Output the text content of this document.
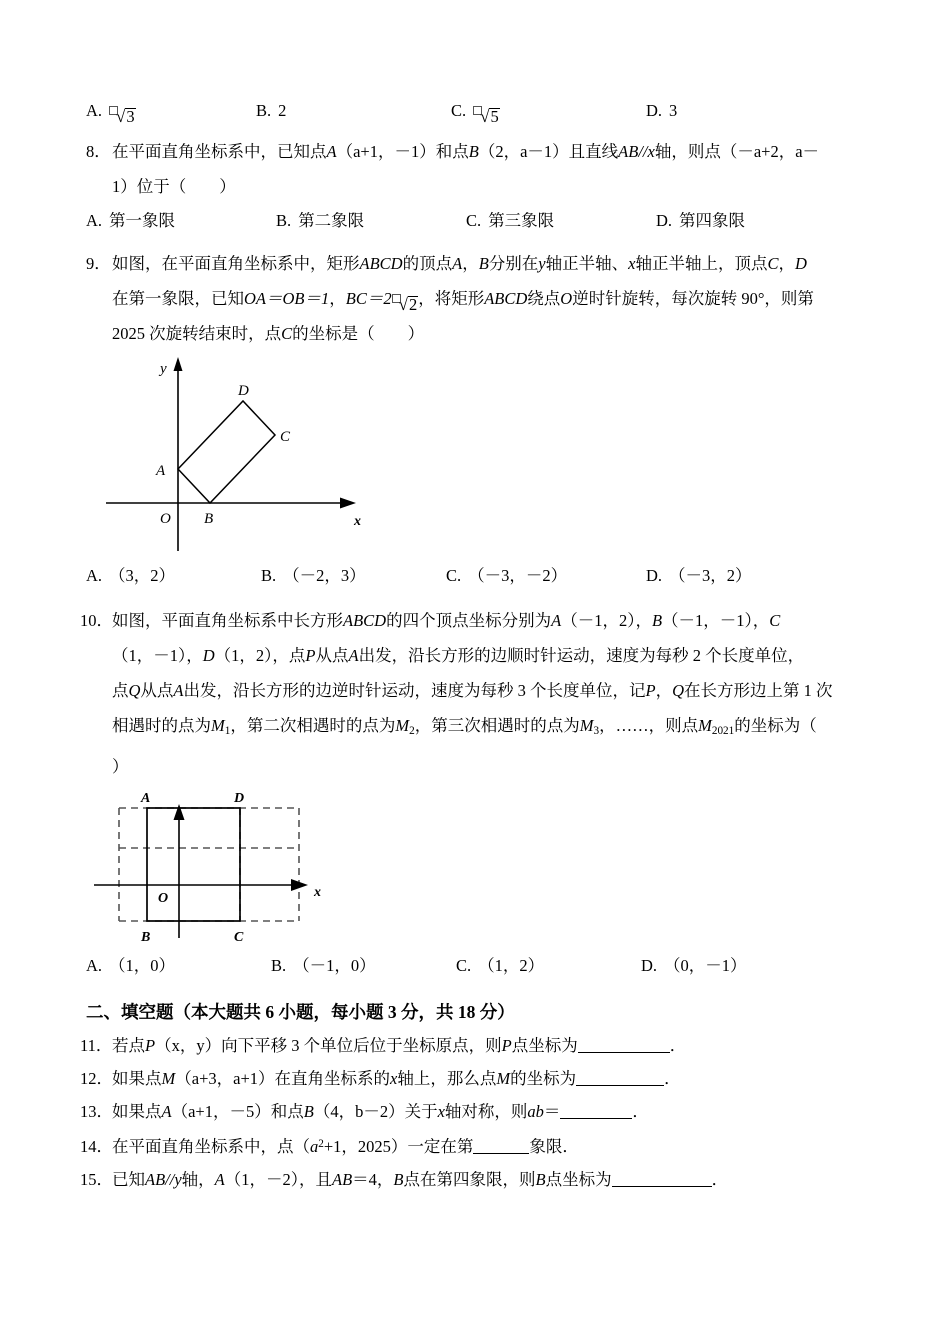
A. √ 3	B. 2	C. √ 5	D. 3
8．在平面直角坐标系中，已知点A（a+1，－1）和点B（2，a－1）且直线AB//x轴，则点（－a+2，a－
1）位于（　　）
A. 第一象限	B. 第二象限	C. 第三象限	D. 第四象限
9．如图，在平面直角坐标系中，矩形ABCD的顶点A，B分别在y轴正半轴、x轴正半轴上，顶点C，D
在第一象限，已知OA＝OB＝1，BC＝2 √ 2 ，将矩形ABCD绕点O逆时针旋转，每次旋转 90°，则第
2025 次旋转结束时，点C的坐标是（　　）
A
B
C
D
O
y
x
A. （3，2）	B. （－2，3）	C. （－3，－2）	D. （－3，2）
10．如图，平面直角坐标系中长方形ABCD的四个顶点坐标分别为A（－1，2），B（－1，－1），C
（1，－1），D（1，2），点P从点A出发，沿长方形的边顺时针运动，速度为每秒 2 个长度单位，
点Q从点A出发，沿长方形的边逆时针运动，速度为每秒 3 个长度单位，记P，Q在长方形边上第 1 次
相遇时的点为$M_1$，第二次相遇时的点为$M_2$，第三次相遇时的点为$M_3$，……，则点$M_{2021}$的坐标为（
）
A	D
B	C
O	x
A. （1，0）	B. （－1，0）	C. （1，2）	D. （0，－1）
二、填空题（本大题共 6 小题，每小题 3 分，共 18 分）
11．若点P（x，y）向下平移 3 个单位后位于坐标原点，则P点坐标为	．
12．如果点M（a+3，a+1）在直角坐标系的x轴上，那么点M的坐标为	．
13．如果点A（a+1，－5）和点B（4，b－2）关于x轴对称，则ab＝	．
14．在平面直角坐标系中，点（$a^2+1$，2025）一定在第	象限．
15．已知AB//y轴，A（1，－2），且AB＝4，B点在第四象限，则B点坐标为	．
